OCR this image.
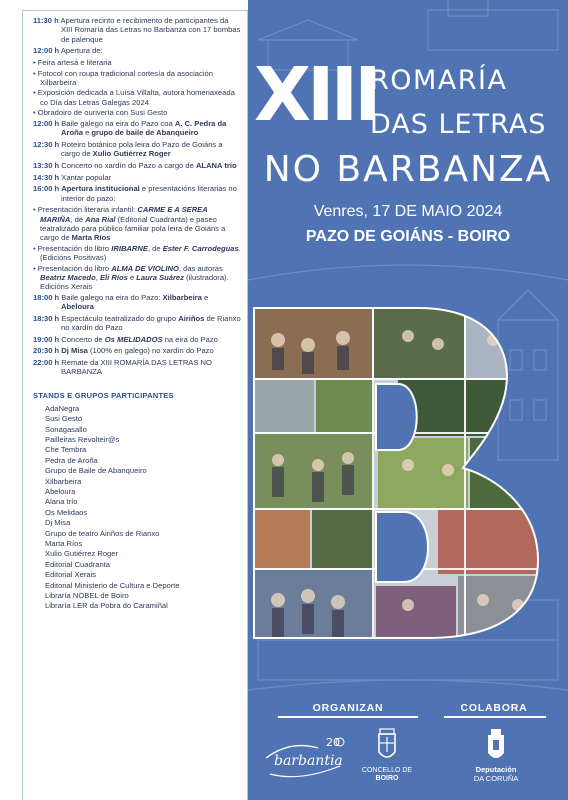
11:30 h Apertura recinto e recibimento de participantes da XIII Romaría das Letras no Barbanza con 17 bombas de palenque
12:00 h Apertura de:
• Feira artesá e literaria
• Fotocol con roupa tradicional cortesía da asociación Xilbarbeira
• Exposición dedicada a Luísa Villalta, autora homenaxeada co Día das Letras Galegas 2024
• Obradoiro de ourivería con Susi Gesto
12:00 h Baile galego na eira do Pazo coa A. C. Pedra da Aroña e grupo de baile de Abanqueiro
12:30 h Roteiro botánico pola leira do Pazo de Goiáns a cargo de Xulio Gutiérrez Roger
13:30 h Concerto no xardín do Pazo a cargo de ALANA trío
14:30 h Xantar popular
16:00 h Apertura institucional e presentacións literarias no interior do pazo:
• Presentación literaria infantil: CARME E A SEREA MARIÑA, de Ana Rial (Editorial Cuadranta) e paseo teatralizado para público familiar pola leira de Goiáns a cargo de Marta Ríos
• Presentación do libro IRIBARNE, de Ester F. Carrodeguas. (Edicións Positivas)
• Presentación do libro ALMA DE VIOLINO, das autoras Beatriz Macedo, Eli Ríos e Laura Suárez (ilustradora). Edicións Xerais
18:00 h Baile galego na eira do Pazo: Xilbarbeira e Abeloura
18:30 h Espectáculo teatralizado do grupo Airiños de Rianxo no xardín do Pazo
19:00 h Concerto de Os MELIDADOS na eira do Pazo
20:30 h Dj Misa (100% en galego) no xardín do Pazo
22:00 h Remate da XIII ROMARÍA DAS LETRAS NO BARBANZA
STANDS E GRUPOS PARTICIPANTES
AdaNegra
Susi Gesto
Sonagasallo
Pailleiras Revolteir@s
Che Tembra
Pedra de Aroña
Grupo de Baile de Abanqueiro
Xilbarbeira
Abeloura
Alana trío
Os Melidaos
Dj Misa
Grupo de teatro Airiños de Rianxo
Marta Ríos
Xulio Gutiérrez Roger
Editorial Cuadranta
Editorial Xerais
Editorial Ministerio de Cultura e Deporte
Libraría NOBEL de Boiro
Libraría LER da Pobra do Caramiñal
XIII
ROMARÍA
DAS LETRAS
NO BARBANZA
Venres, 17 DE MAIO 2024
PAZO DE GOIÁNS - BOIRO
ORGANIZAN	COLABORA
20
barbantia
CONCELLO DE
BOIRO
Deputación
DA CORUÑA
